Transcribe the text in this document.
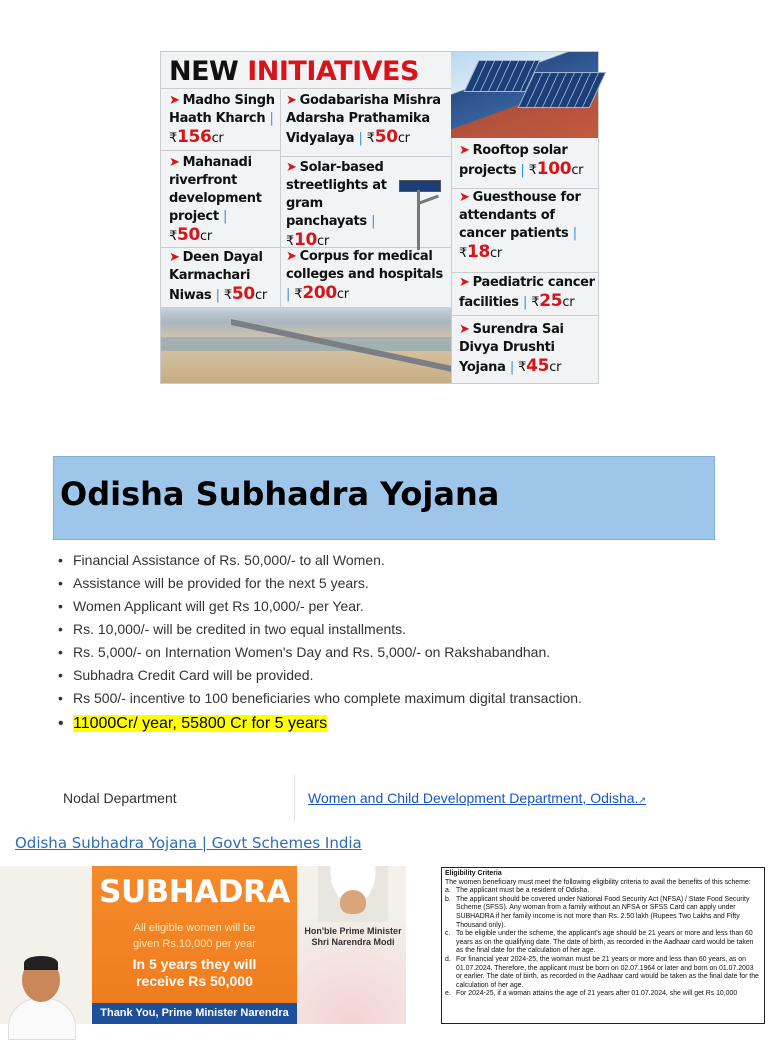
NEW INITIATIVES
➤ Madho Singh Haath Kharch |
₹156cr
➤ Godabarisha Mishra Adarsha Prathamika Vidyalaya | ₹50cr
➤ Rooftop solar projects | ₹100cr
➤ Mahanadi riverfront development project |
₹50cr
➤ Solar-based streetlights at gram panchayats | ₹10cr
➤ Guesthouse for attendants of cancer patients | ₹18cr
➤ Deen Dayal Karmachari Niwas | ₹50cr
➤ Corpus for medical colleges and hospitals | ₹200cr
➤ Paediatric cancer facilities | ₹25cr
➤ Surendra Sai Divya Drushti Yojana | ₹45cr
Odisha Subhadra Yojana
• Financial Assistance of Rs. 50,000/- to all Women.
• Assistance will be provided for the next 5 years.
• Women Applicant will get Rs 10,000/- per Year.
• Rs. 10,000/- will be credited in two equal installments.
• Rs. 5,000/- on Internation Women's Day and Rs. 5,000/- on Rakshabandhan.
• Subhadra Credit Card will be provided.
• Rs 500/- incentive to 100 beneficiaries who complete maximum digital transaction.
• 11000Cr/ year, 55800 Cr for 5 years
Nodal Department	Women and Child Development Department, Odisha.↗
Odisha Subhadra Yojana | Govt Schemes India
SUBHADRA
All eligible women will be
given Rs.10,000 per year
In 5 years they will
receive Rs 50,000
Thank You, Prime Minister Narendra Modi Ji
Hon'ble Prime Minister
Shri Narendra Modi
Eligibility Criteria
The women beneficiary must meet the following eligibility criteria to avail the benefits of this scheme:
a. The applicant must be a resident of Odisha.
b. The applicant should be covered under National Food Security Act (NFSA) / State Food Security Scheme (SFSS). Any woman from a family without an NFSA or SFSS Card can apply under SUBHADRA if her family income is not more than Rs. 2.50 lakh (Rupees Two Lakhs and Fifty Thousand only).
c. To be eligible under the scheme, the applicant's age should be 21 years or more and less than 60 years as on the qualifying date. The date of birth, as recorded in the Aadhaar card would be taken as the final date for the calculation of her age.
d. For financial year 2024-25, the woman must be 21 years or more and less than 60 years, as on 01.07.2024. Therefore, the applicant must be born on 02.07.1964 or later and born on 01.07.2003 or earlier. The date of birth, as recorded in the Aadhaar card would be taken as the final date for the calculation of her age.
e. For 2024-25, if a woman attains the age of 21 years after 01.07.2024, she will get Rs 10,000
